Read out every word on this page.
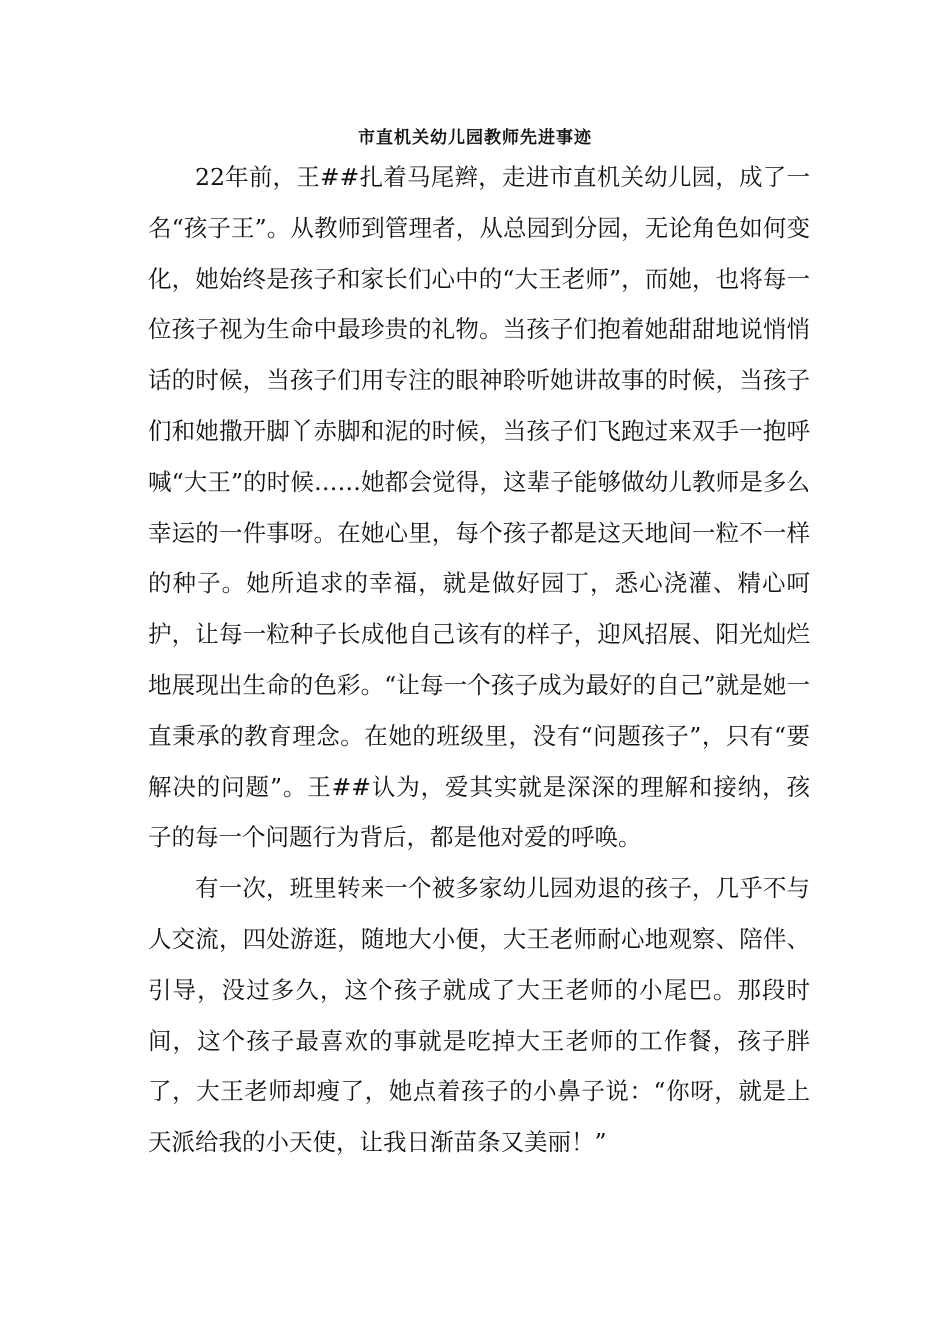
市直机关幼儿园教师先进事迹

22年前，王##扎着马尾辫，走进市直机关幼儿园，成了一名“孩子王”。从教师到管理者，从总园到分园，无论角色如何变化，她始终是孩子和家长们心中的“大王老师”，而她，也将每一位孩子视为生命中最珍贵的礼物。当孩子们抱着她甜甜地说悄悄话的时候，当孩子们用专注的眼神聆听她讲故事的时候，当孩子们和她撒开脚丫赤脚和泥的时候，当孩子们飞跑过来双手一抱呼喊“大王”的时候……她都会觉得，这辈子能够做幼儿教师是多么幸运的一件事呀。在她心里，每个孩子都是这天地间一粒不一样的种子。她所追求的幸福，就是做好园丁，悉心浇灌、精心呵护，让每一粒种子长成他自己该有的样子，迎风招展、阳光灿烂地展现出生命的色彩。“让每一个孩子成为最好的自己”就是她一直秉承的教育理念。在她的班级里，没有“问题孩子”，只有“要解决的问题”。王##认为，爱其实就是深深的理解和接纳，孩子的每一个问题行为背后，都是他对爱的呼唤。

有一次，班里转来一个被多家幼儿园劝退的孩子，几乎不与人交流，四处游逛，随地大小便，大王老师耐心地观察、陪伴、引导，没过多久，这个孩子就成了大王老师的小尾巴。那段时间，这个孩子最喜欢的事就是吃掉大王老师的工作餐，孩子胖了，大王老师却瘦了，她点着孩子的小鼻子说：“你呀，就是上天派给我的小天使，让我日渐苗条又美丽！”
